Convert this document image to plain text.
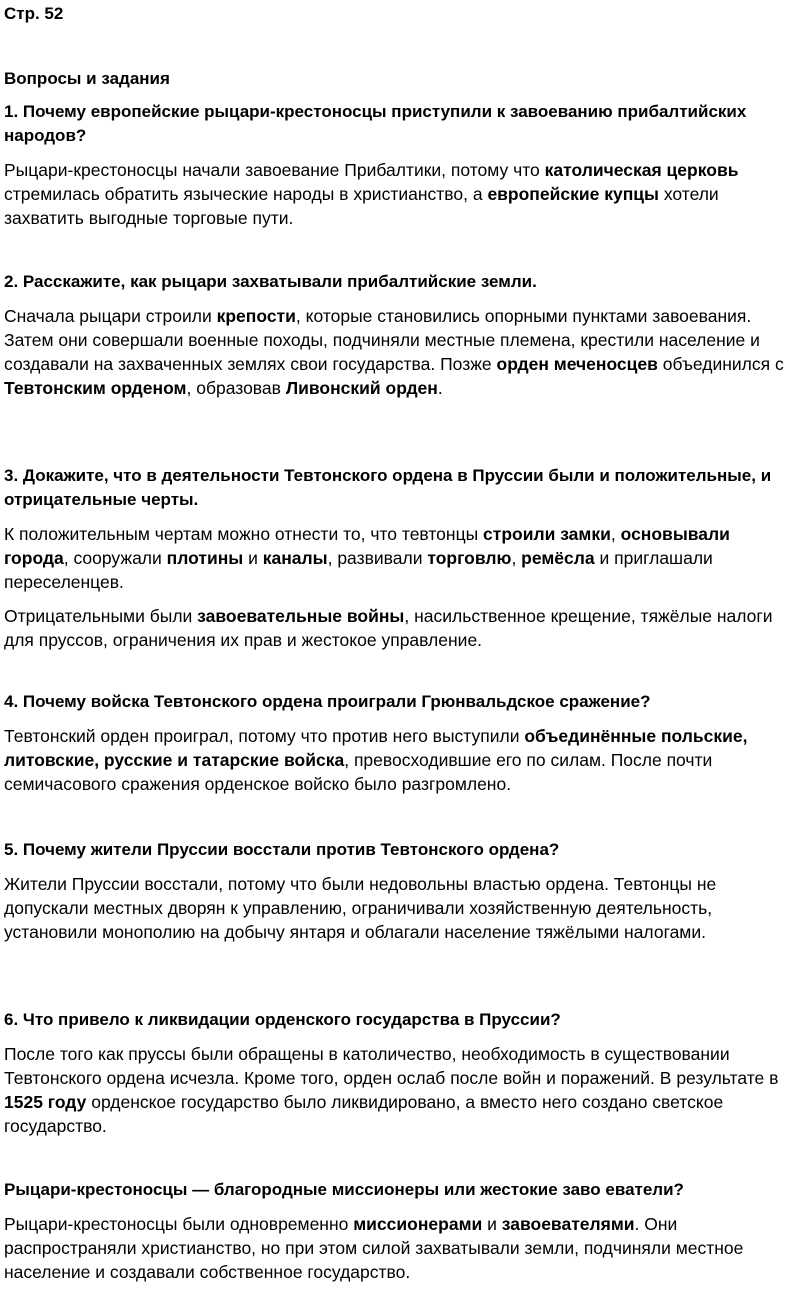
Стр. 52
Вопросы и задания
1. Почему европейские рыцари-крестоносцы приступили к завоеванию прибалтийских народов?

Рыцари-крестоносцы начали завоевание Прибалтики, потому что католическая церковь стремилась обратить языческие народы в христианство, а европейские купцы хотели захватить выгодные торговые пути.

2. Расскажите, как рыцари захватывали прибалтийские земли.

Сначала рыцари строили крепости, которые становились опорными пунктами завоевания. Затем они совершали военные походы, подчиняли местные племена, крестили население и создавали на захваченных землях свои государства. Позже орден меченосцев объединился с Тевтонским орденом, образовав Ливонский орден.

3. Докажите, что в деятельности Тевтонского ордена в Пруссии были и положительные, и отрицательные черты.

К положительным чертам можно отнести то, что тевтонцы строили замки, основывали города, сооружали плотины и каналы, развивали торговлю, ремёсла и приглашали переселенцев.

Отрицательными были завоевательные войны, насильственное крещение, тяжёлые налоги для пруссов, ограничения их прав и жестокое управление.

4. Почему войска Тевтонского ордена проиграли Грюнвальдское сражение?

Тевтонский орден проиграл, потому что против него выступили объединённые польские, литовские, русские и татарские войска, превосходившие его по силам. После почти семичасового сражения орденское войско было разгромлено.

5. Почему жители Пруссии восстали против Тевтонского ордена?

Жители Пруссии восстали, потому что были недовольны властью ордена. Тевтонцы не допускали местных дворян к управлению, ограничивали хозяйственную деятельность, установили монополию на добычу янтаря и облагали население тяжёлыми налогами.

6. Что привело к ликвидации орденского государства в Пруссии?

После того как пруссы были обращены в католичество, необходимость в существовании Тевтонского ордена исчезла. Кроме того, орден ослаб после войн и поражений. В результате в 1525 году орденское государство было ликвидировано, а вместо него создано светское государство.

Рыцари-крестоносцы — благородные миссионеры или жестокие заво еватели?

Рыцари-крестоносцы были одновременно миссионерами и завоевателями. Они распространяли христианство, но при этом силой захватывали земли, подчиняли местное население и создавали собственное государство.
